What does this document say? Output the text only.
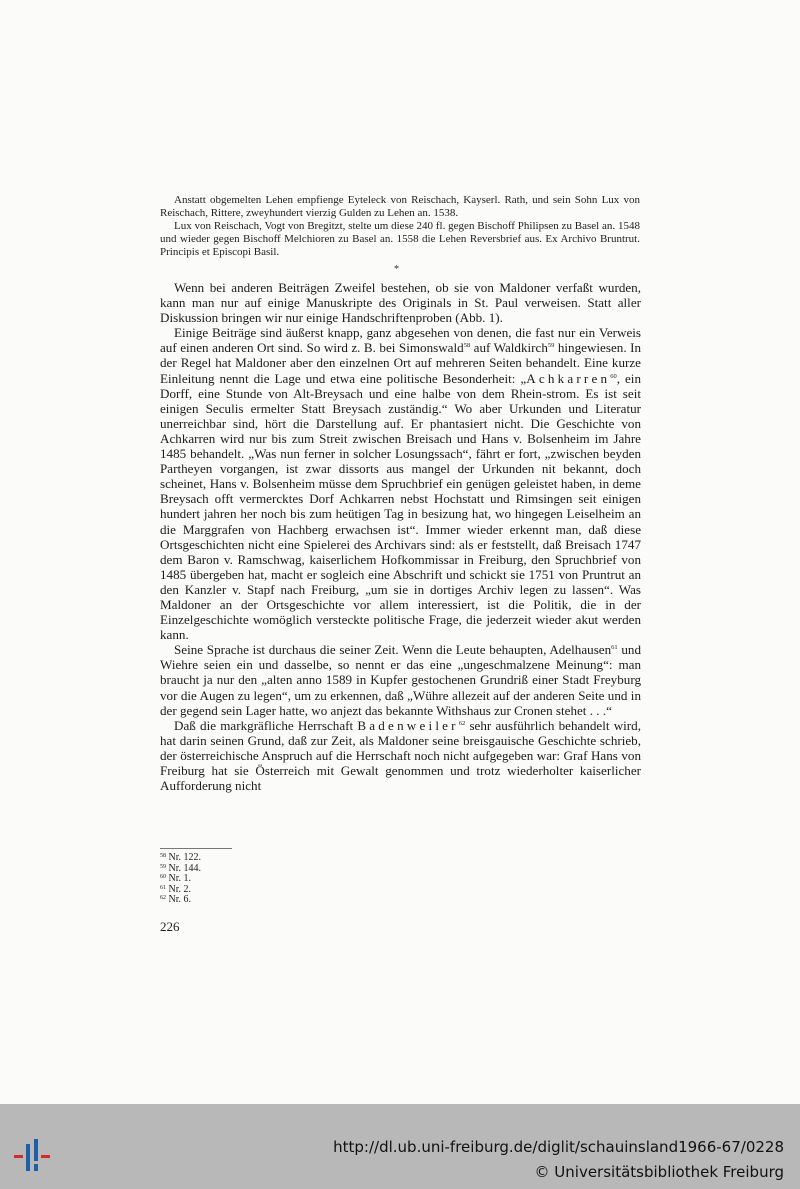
Anstatt obgemelten Lehen empfienge Eyteleck von Reischach, Kayserl. Rath, und sein Sohn Lux von Reischach, Rittere, zweyhundert vierzig Gulden zu Lehen an. 1538.

Lux von Reischach, Vogt von Bregitzt, stelte um diese 240 fl. gegen Bischoff Philipsen zu Basel an. 1548 und wieder gegen Bischoff Melchioren zu Basel an. 1558 die Lehen Reversbrief aus. Ex Archivo Bruntrut. Principis et Episcopi Basil.

*

Wenn bei anderen Beiträgen Zweifel bestehen, ob sie von Maldoner verfaßt wurden, kann man nur auf einige Manuskripte des Originals in St. Paul verweisen. Statt aller Diskussion bringen wir nur einige Handschriftenproben (Abb. 1).

Einige Beiträge sind äußerst knapp, ganz abgesehen von denen, die fast nur ein Verweis auf einen anderen Ort sind. So wird z. B. bei Simonswald$^{58}$ auf Waldkirch$^{59}$ hingewiesen. In der Regel hat Maldoner aber den einzelnen Ort auf mehreren Seiten behandelt. Eine kurze Einleitung nennt die Lage und etwa eine politische Besonderheit: „Achkarren$^{60}$, ein Dorff, eine Stunde von Alt-Breysach und eine halbe von dem Rhein-strom. Es ist seit einigen Seculis ermelter Statt Breysach zuständig.“ Wo aber Urkunden und Literatur unerreichbar sind, hört die Darstellung auf. Er phantasiert nicht. Die Geschichte von Achkarren wird nur bis zum Streit zwischen Breisach und Hans v. Bolsenheim im Jahre 1485 behandelt. „Was nun ferner in solcher Losungssach“, fährt er fort, „zwischen beyden Partheyen vorgangen, ist zwar dissorts aus mangel der Urkunden nit bekannt, doch scheinet, Hans v. Bolsenheim müsse dem Spruchbrief ein genügen geleistet haben, in deme Breysach offt vermercktes Dorf Achkarren nebst Hochstatt und Rimsingen seit einigen hundert jahren her noch bis zum heütigen Tag in besizung hat, wo hingegen Leiselheim an die Marggrafen von Hachberg erwachsen ist“. Immer wieder erkennt man, daß diese Ortsgeschichten nicht eine Spielerei des Archivars sind: als er feststellt, daß Breisach 1747 dem Baron v. Ramschwag, kaiserlichem Hofkommissar in Freiburg, den Spruchbrief von 1485 übergeben hat, macht er sogleich eine Abschrift und schickt sie 1751 von Pruntrut an den Kanzler v. Stapf nach Freiburg, „um sie in dortiges Archiv legen zu lassen“. Was Maldoner an der Ortsgeschichte vor allem interessiert, ist die Politik, die in der Einzelgeschichte womöglich versteckte politische Frage, die jederzeit wieder akut werden kann.

Seine Sprache ist durchaus die seiner Zeit. Wenn die Leute behaupten, Adelhausen$^{61}$ und Wiehre seien ein und dasselbe, so nennt er das eine „ungeschmalzene Meinung“: man braucht ja nur den „alten anno 1589 in Kupfer gestochenen Grundriß einer Stadt Freyburg vor die Augen zu legen“, um zu erkennen, daß „Wühre allezeit auf der anderen Seite und in der gegend sein Lager hatte, wo anjezt das bekannte Withshaus zur Cronen stehet . . .“

Daß die markgräfliche Herrschaft Badenweiler$^{62}$ sehr ausführlich behandelt wird, hat darin seinen Grund, daß zur Zeit, als Maldoner seine breisgauische Geschichte schrieb, der österreichische Anspruch auf die Herrschaft noch nicht aufgegeben war: Graf Hans von Freiburg hat sie Österreich mit Gewalt genommen und trotz wiederholter kaiserlicher Aufforderung nicht

$^{58}$ Nr. 122.
$^{59}$ Nr. 144.
$^{60}$ Nr. 1.
$^{61}$ Nr. 2.
$^{62}$ Nr. 6.
226
http://dl.ub.uni-freiburg.de/diglit/schauinsland1966-67/0228
© Universitätsbibliothek Freiburg
